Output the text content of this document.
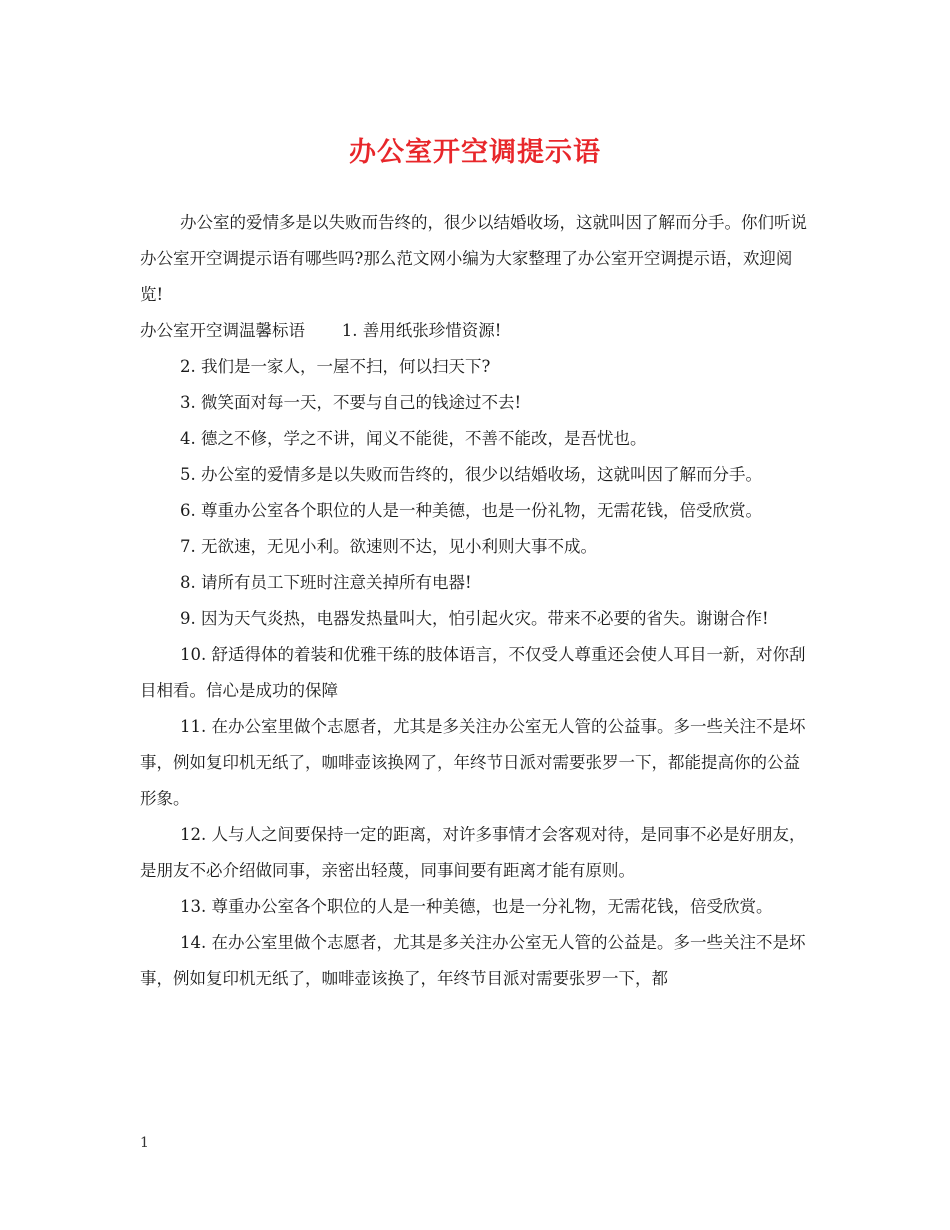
办公室开空调提示语

办公室的爱情多是以失败而告终的，很少以结婚收场，这就叫因了解而分手。你们听说办公室开空调提示语有哪些吗?那么范文网小编为大家整理了办公室开空调提示语，欢迎阅览!

办公室开空调温馨标语 1. 善用纸张珍惜资源!

2. 我们是一家人，一屋不扫，何以扫天下?

3. 微笑面对每一天，不要与自己的钱途过不去!

4. 德之不修，学之不讲，闻义不能徙，不善不能改，是吾忧也。

5. 办公室的爱情多是以失败而告终的，很少以结婚收场，这就叫因了解而分手。

6. 尊重办公室各个职位的人是一种美德，也是一份礼物，无需花钱，倍受欣赏。

7. 无欲速，无见小利。欲速则不达，见小利则大事不成。

8. 请所有员工下班时注意关掉所有电器!

9. 因为天气炎热，电器发热量叫大，怕引起火灾。带来不必要的省失。谢谢合作!

10. 舒适得体的着装和优雅干练的肢体语言，不仅受人尊重还会使人耳目一新，对你刮目相看。信心是成功的保障

11. 在办公室里做个志愿者，尤其是多关注办公室无人管的公益事。多一些关注不是坏事，例如复印机无纸了，咖啡壶该换网了，年终节日派对需要张罗一下，都能提高你的公益形象。

12. 人与人之间要保持一定的距离，对许多事情才会客观对待，是同事不必是好朋友，是朋友不必介绍做同事，亲密出轻蔑，同事间要有距离才能有原则。

13. 尊重办公室各个职位的人是一种美德，也是一分礼物，无需花钱，倍受欣赏。

14. 在办公室里做个志愿者，尤其是多关注办公室无人管的公益是。多一些关注不是坏事，例如复印机无纸了，咖啡壶该换了，年终节目派对需要张罗一下，都

1
